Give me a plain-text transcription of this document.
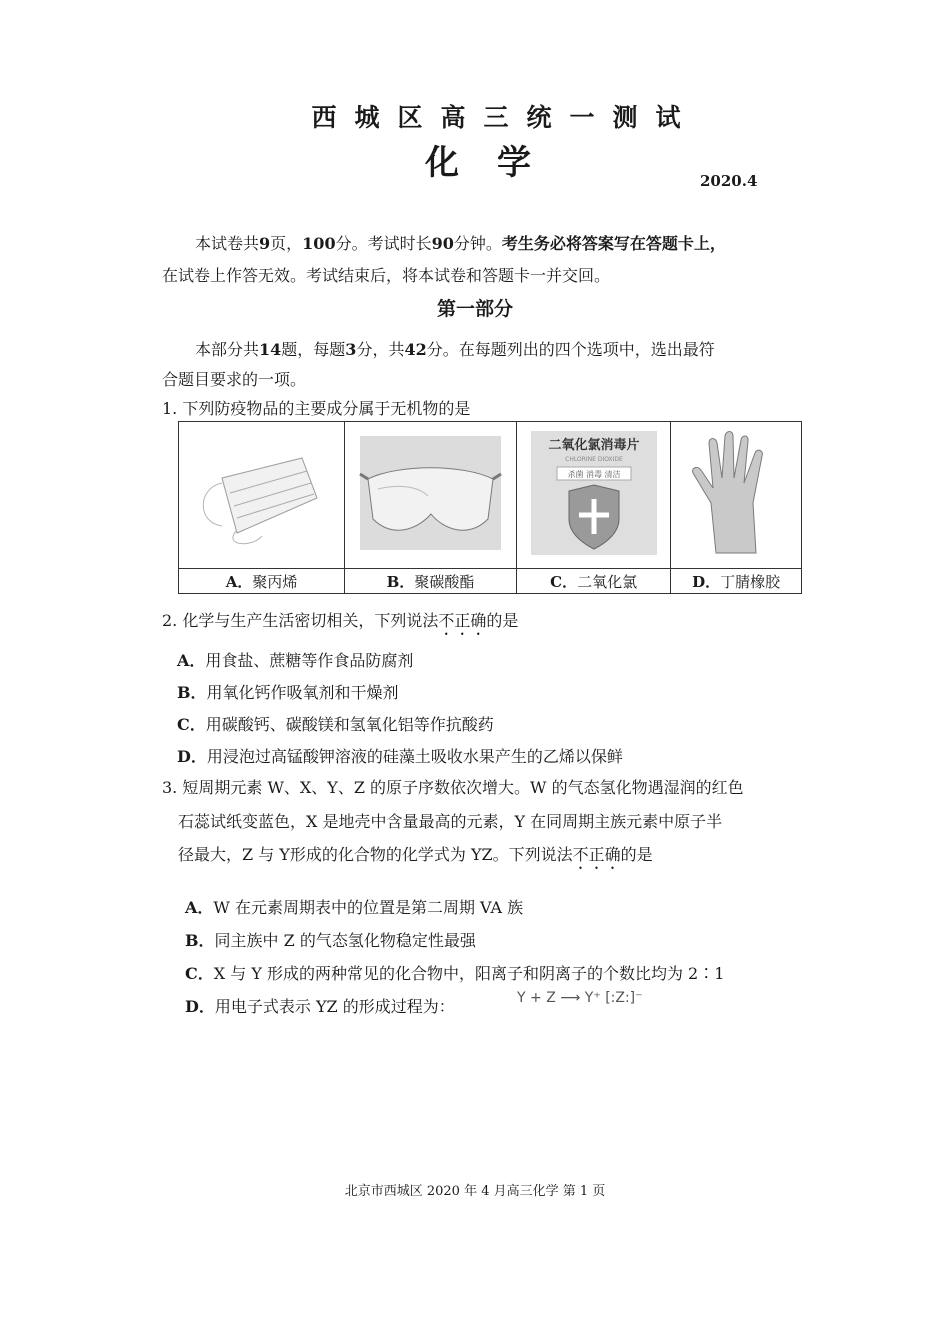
西城区高三统一测试
化学	2020.4
本试卷共9页，100分。考试时长90分钟。考生务必将答案写在答题卡上，
在试卷上作答无效。考试结束后，将本试卷和答题卡一并交回。
第一部分
本部分共14题，每题3分，共42分。在每题列出的四个选项中，选出最符
合题目要求的一项。
1. 下列防疫物品的主要成分属于无机物的是

二氧化氯消毒片
CHLORINE DIOXIDE
杀菌 消毒 清洁

A．聚丙烯	B．聚碳酸酯	C．二氧化氯	D．丁腈橡胶
2. 化学与生产生活密切相关，下列说法不正确的是
A．用食盐、蔗糖等作食品防腐剂
B．用氧化钙作吸氧剂和干燥剂
C．用碳酸钙、碳酸镁和氢氧化铝等作抗酸药
D．用浸泡过高锰酸钾溶液的硅藻土吸收水果产生的乙烯以保鲜
3. 短周期元素 W、X、Y、Z 的原子序数依次增大。W 的气态氢化物遇湿润的红色
石蕊试纸变蓝色，X 是地壳中含量最高的元素，Y 在同周期主族元素中原子半
径最大，Z 与 Y形成的化合物的化学式为 YZ。下列说法不正确的是
A．W 在元素周期表中的位置是第二周期 VA 族
B．同主族中 Z 的气态氢化物稳定性最强
C．X 与 Y 形成的两种常见的化合物中，阳离子和阴离子的个数比均为 2∶1
D．用电子式表示 YZ 的形成过程为：	Y + Z ⟶ Y⁺ [:Z:]⁻
北京市西城区 2020 年 4 月高三化学 第 1 页
